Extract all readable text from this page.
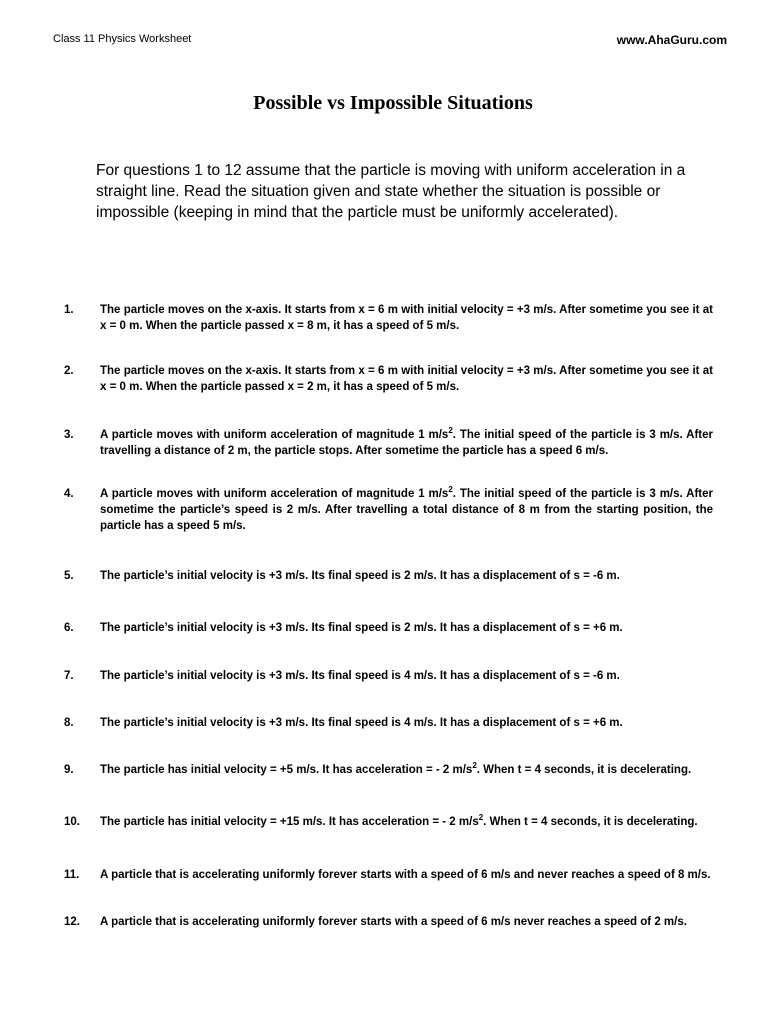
Class 11 Physics Worksheet	www.AhaGuru.com
Possible vs Impossible Situations
For questions 1 to 12 assume that the particle is moving with uniform acceleration in a straight line. Read the situation given and state whether the situation is possible or impossible (keeping in mind that the particle must be uniformly accelerated).
1.	The particle moves on the x-axis. It starts from x = 6 m with initial velocity = +3 m/s. After sometime you see it at x = 0 m. When the particle passed x = 8 m, it has a speed of 5 m/s.
2.	The particle moves on the x-axis. It starts from x = 6 m with initial velocity = +3 m/s. After sometime you see it at x = 0 m. When the particle passed x = 2 m, it has a speed of 5 m/s.
3.	A particle moves with uniform acceleration of magnitude 1 $m/s^2$. The initial speed of the particle is 3 m/s. After travelling a distance of 2 m, the particle stops. After sometime the particle has a speed 6 m/s.
4.	A particle moves with uniform acceleration of magnitude 1 $m/s^2$. The initial speed of the particle is 3 m/s. After sometime the particle’s speed is 2 m/s. After travelling a total distance of 8 m from the starting position, the particle has a speed 5 m/s.
5.	The particle’s initial velocity is +3 m/s. Its final speed is 2 m/s. It has a displacement of s = -6 m.
6.	The particle’s initial velocity is +3 m/s. Its final speed is 2 m/s. It has a displacement of s = +6 m.
7.	The particle’s initial velocity is +3 m/s. Its final speed is 4 m/s. It has a displacement of s = -6 m.
8.	The particle’s initial velocity is +3 m/s. Its final speed is 4 m/s. It has a displacement of s = +6 m.
9.	The particle has initial velocity = +5 m/s. It has acceleration = - 2 $m/s^2$. When t = 4 seconds, it is decelerating.
10.	The particle has initial velocity = +15 m/s. It has acceleration = - 2 $m/s^2$. When t = 4 seconds, it is decelerating.
11.	A particle that is accelerating uniformly forever starts with a speed of 6 m/s and never reaches a speed of 8 m/s.
12.	A particle that is accelerating uniformly forever starts with a speed of 6 m/s never reaches a speed of 2 m/s.
